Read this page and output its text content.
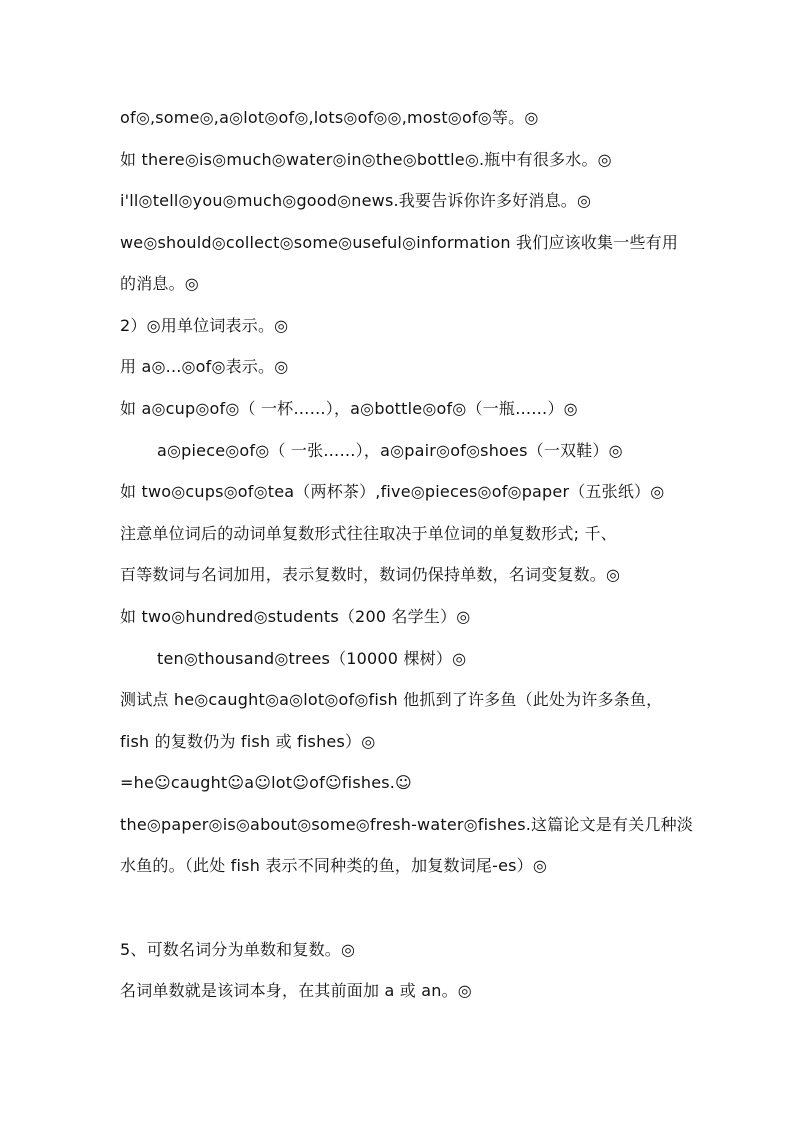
of◎,some◎,a◎lot◎of◎,lots◎of◎◎,most◎of◎等。◎
如 there◎is◎much◎water◎in◎the◎bottle◎.瓶中有很多水。◎
i'll◎tell◎you◎much◎good◎news.我要告诉你许多好消息。◎
we◎should◎collect◎some◎useful◎information 我们应该收集一些有用
的消息。◎
2）◎用单位词表示。◎
用 a◎...◎of◎表示。◎
如 a◎cup◎of◎（ 一杯……），a◎bottle◎of◎（一瓶……）◎
a◎piece◎of◎（ 一张……），a◎pair◎of◎shoes（一双鞋）◎
如 two◎cups◎of◎tea（两杯茶）,five◎pieces◎of◎paper（五张纸）◎
注意单位词后的动词单复数形式往往取决于单位词的单复数形式; 千、
百等数词与名词加用，表示复数时，数词仍保持单数，名词变复数。◎
如 two◎hundred◎students（200 名学生）◎
ten◎thousand◎trees（10000 棵树）◎
测试点 he◎caught◎a◎lot◎of◎fish 他抓到了许多鱼（此处为许多条鱼，
fish 的复数仍为 fish 或 fishes）◎
=he☺caught☺a☺lot☺of☺fishes.☺
the◎paper◎is◎about◎some◎fresh-water◎fishes.这篇论文是有关几种淡
水鱼的。（此处 fish 表示不同种类的鱼，加复数词尾-es）◎
5、可数名词分为单数和复数。◎
名词单数就是该词本身，在其前面加 a 或 an。◎
